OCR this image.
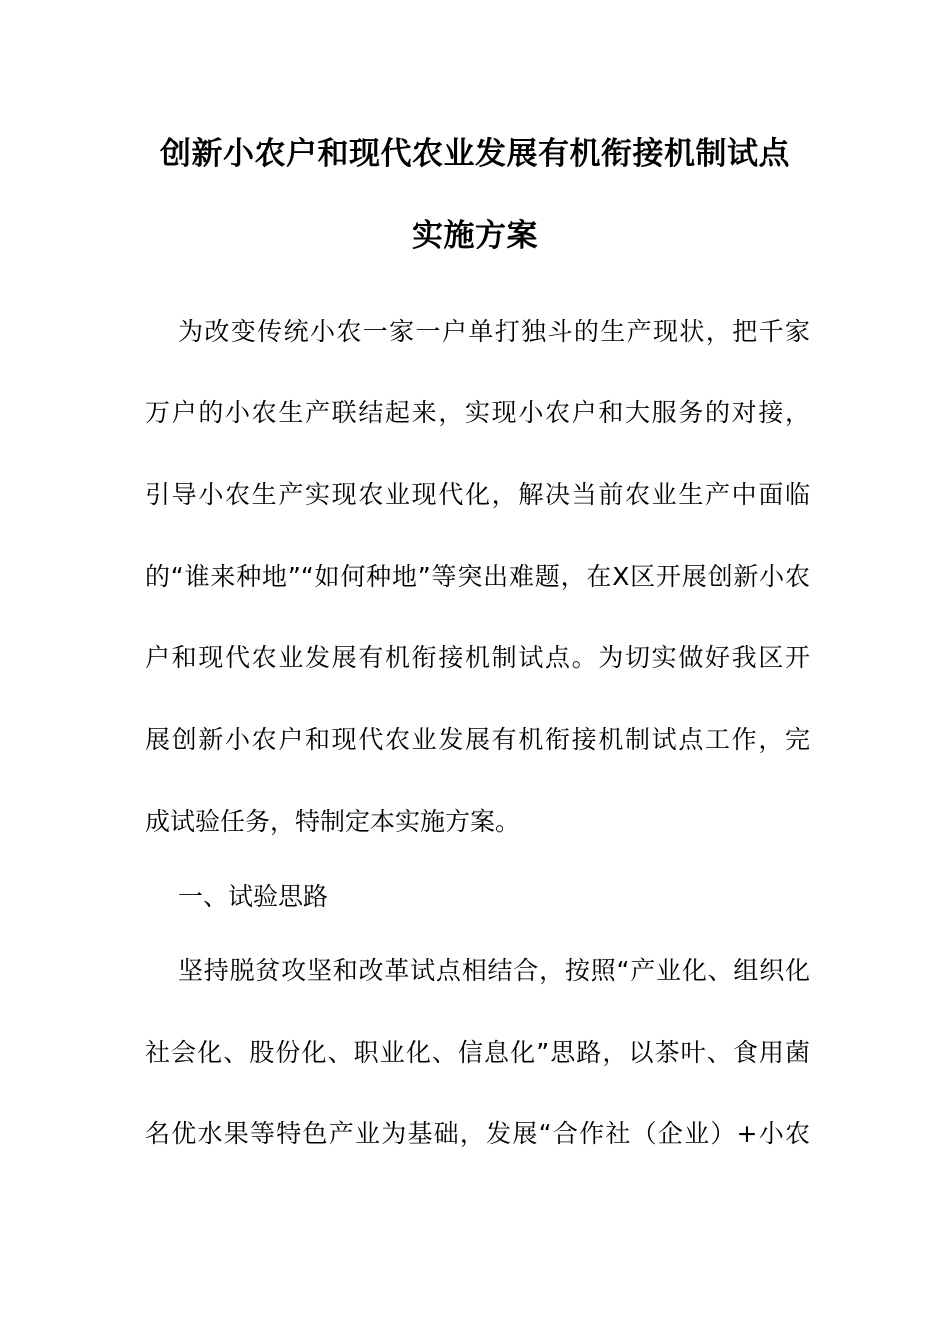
创新小农户和现代农业发展有机衔接机制试点
实施方案
为改变传统小农一家一户单打独斗的生产现状，把千家
万户的小农生产联结起来，实现小农户和大服务的对接，
引导小农生产实现农业现代化，解决当前农业生产中面临
的“谁来种地”“如何种地”等突出难题，在X区开展创新小农
户和现代农业发展有机衔接机制试点。为切实做好我区开
展创新小农户和现代农业发展有机衔接机制试点工作，完
成试验任务，特制定本实施方案。
一、试验思路
坚持脱贫攻坚和改革试点相结合，按照“产业化、组织化
社会化、股份化、职业化、信息化”思路，以茶叶、食用菌
名优水果等特色产业为基础，发展“合作社（企业）+小农
